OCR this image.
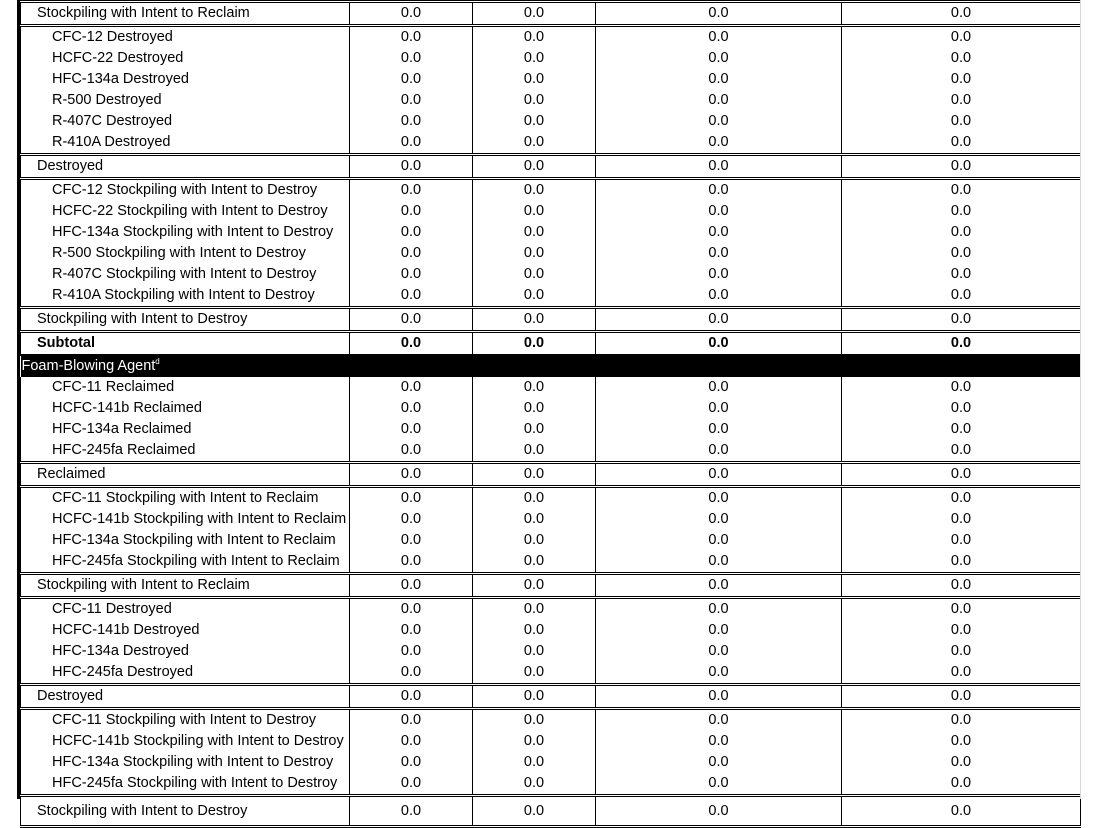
Stockpiling with Intent to Reclaim	0.0	0.0	0.0	0.0
CFC-12 Destroyed	0.0	0.0	0.0	0.0
HCFC-22 Destroyed	0.0	0.0	0.0	0.0
HFC-134a Destroyed	0.0	0.0	0.0	0.0
R-500 Destroyed	0.0	0.0	0.0	0.0
R-407C Destroyed	0.0	0.0	0.0	0.0
R-410A Destroyed	0.0	0.0	0.0	0.0
Destroyed	0.0	0.0	0.0	0.0
CFC-12 Stockpiling with Intent to Destroy	0.0	0.0	0.0	0.0
HCFC-22 Stockpiling with Intent to Destroy	0.0	0.0	0.0	0.0
HFC-134a Stockpiling with Intent to Destroy	0.0	0.0	0.0	0.0
R-500 Stockpiling with Intent to Destroy	0.0	0.0	0.0	0.0
R-407C Stockpiling with Intent to Destroy	0.0	0.0	0.0	0.0
R-410A Stockpiling with Intent to Destroy	0.0	0.0	0.0	0.0
Stockpiling with Intent to Destroy	0.0	0.0	0.0	0.0
Subtotal	0.0	0.0	0.0	0.0
Foam-Blowing Agent$^d$
CFC-11 Reclaimed	0.0	0.0	0.0	0.0
HCFC-141b Reclaimed	0.0	0.0	0.0	0.0
HFC-134a Reclaimed	0.0	0.0	0.0	0.0
HFC-245fa Reclaimed	0.0	0.0	0.0	0.0
Reclaimed	0.0	0.0	0.0	0.0
CFC-11 Stockpiling with Intent to Reclaim	0.0	0.0	0.0	0.0
HCFC-141b Stockpiling with Intent to Reclaim	0.0	0.0	0.0	0.0
HFC-134a Stockpiling with Intent to Reclaim	0.0	0.0	0.0	0.0
HFC-245fa Stockpiling with Intent to Reclaim	0.0	0.0	0.0	0.0
Stockpiling with Intent to Reclaim	0.0	0.0	0.0	0.0
CFC-11 Destroyed	0.0	0.0	0.0	0.0
HCFC-141b Destroyed	0.0	0.0	0.0	0.0
HFC-134a Destroyed	0.0	0.0	0.0	0.0
HFC-245fa Destroyed	0.0	0.0	0.0	0.0
Destroyed	0.0	0.0	0.0	0.0
CFC-11 Stockpiling with Intent to Destroy	0.0	0.0	0.0	0.0
HCFC-141b Stockpiling with Intent to Destroy	0.0	0.0	0.0	0.0
HFC-134a Stockpiling with Intent to Destroy	0.0	0.0	0.0	0.0
HFC-245fa Stockpiling with Intent to Destroy	0.0	0.0	0.0	0.0
Stockpiling with Intent to Destroy	0.0	0.0	0.0	0.0
